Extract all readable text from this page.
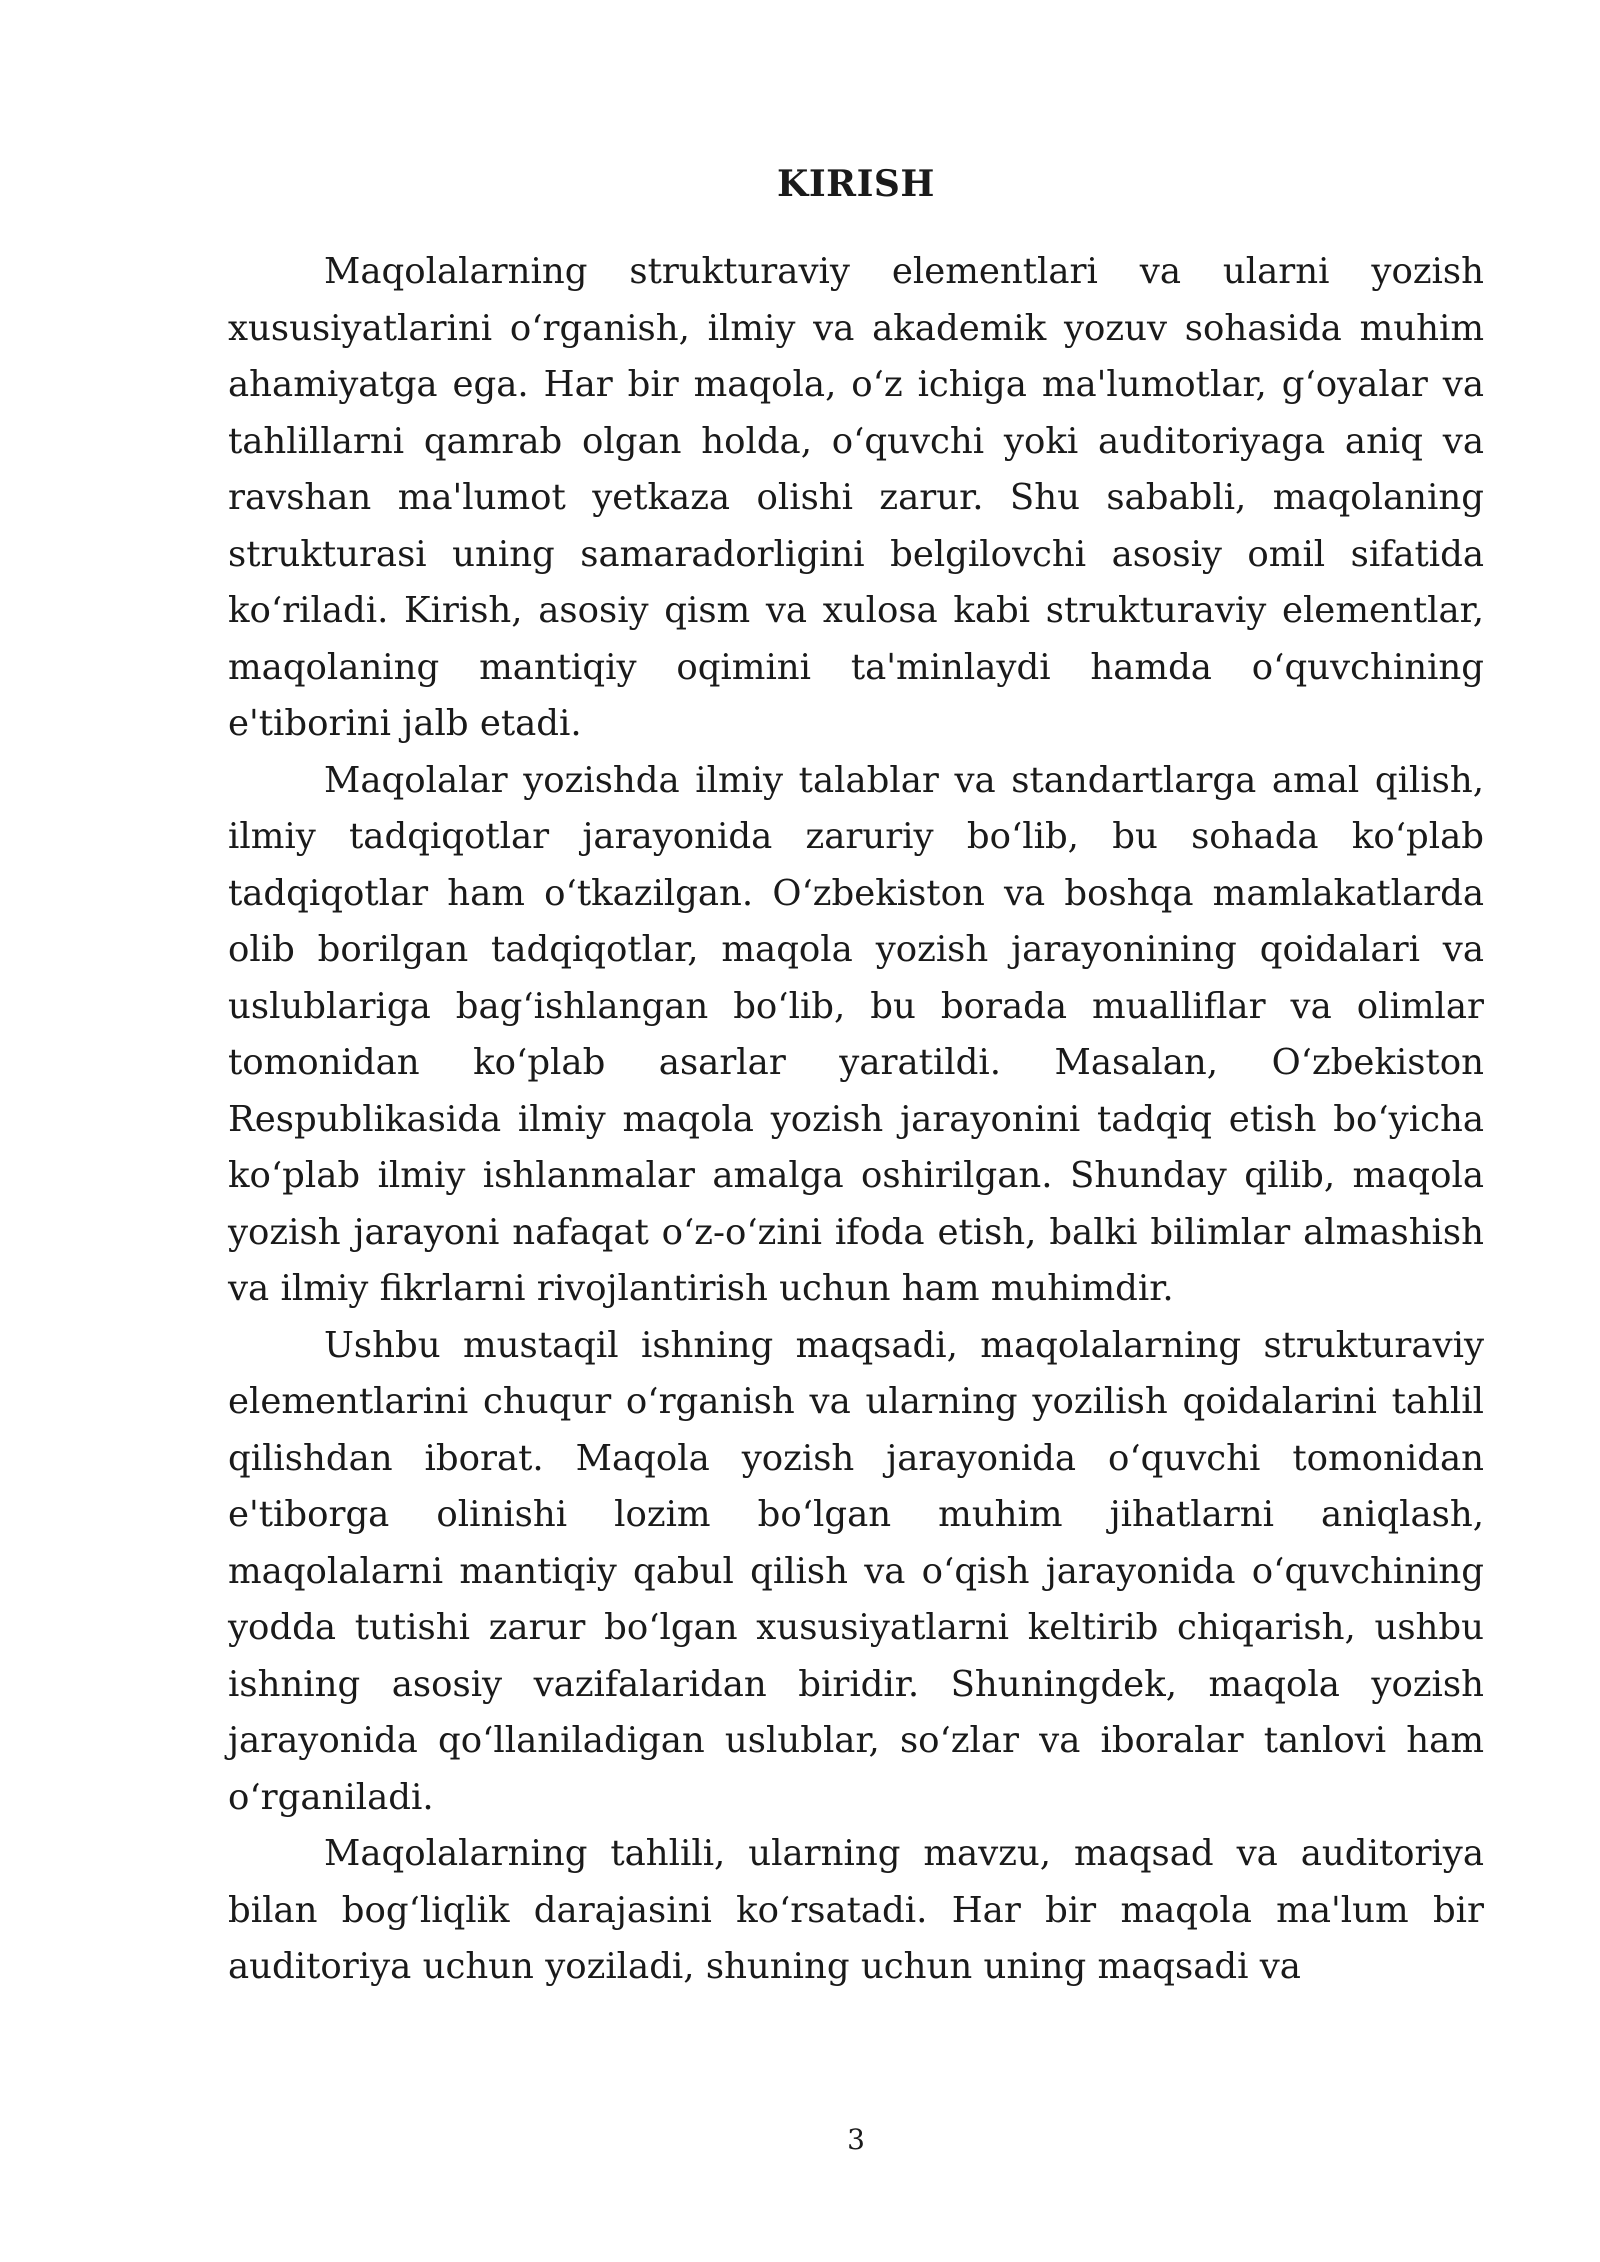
KIRISH

Maqolalarning strukturaviy elementlari va ularni yozish xususiyatlarini oʻrganish, ilmiy va akademik yozuv sohasida muhim ahamiyatga ega. Har bir maqola, oʻz ichiga ma'lumotlar, gʻoyalar va tahlillarni qamrab olgan holda, oʻquvchi yoki auditoriyaga aniq va ravshan ma'lumot yetkaza olishi zarur. Shu sababli, maqolaning strukturasi uning samaradorligini belgilovchi asosiy omil sifatida koʻriladi. Kirish, asosiy qism va xulosa kabi strukturaviy elementlar, maqolaning mantiqiy oqimini ta'minlaydi hamda oʻquvchining e'tiborini jalb etadi.

Maqolalar yozishda ilmiy talablar va standartlarga amal qilish, ilmiy tadqiqotlar jarayonida zaruriy boʻlib, bu sohada koʻplab tadqiqotlar ham oʻtkazilgan. Oʻzbekiston va boshqa mamlakatlarda olib borilgan tadqiqotlar, maqola yozish jarayonining qoidalari va uslublariga bagʻishlangan boʻlib, bu borada mualliflar va olimlar tomonidan koʻplab asarlar yaratildi. Masalan, Oʻzbekiston Respublikasida ilmiy maqola yozish jarayonini tadqiq etish boʻyicha koʻplab ilmiy ishlanmalar amalga oshirilgan. Shunday qilib, maqola yozish jarayoni nafaqat oʻz-oʻzini ifoda etish, balki bilimlar almashish va ilmiy fikrlarni rivojlantirish uchun ham muhimdir.

Ushbu mustaqil ishning maqsadi, maqolalarning strukturaviy elementlarini chuqur oʻrganish va ularning yozilish qoidalarini tahlil qilishdan iborat. Maqola yozish jarayonida oʻquvchi tomonidan e'tiborga olinishi lozim boʻlgan muhim jihatlarni aniqlash, maqolalarni mantiqiy qabul qilish va oʻqish jarayonida oʻquvchining yodda tutishi zarur boʻlgan xususiyatlarni keltirib chiqarish, ushbu ishning asosiy vazifalaridan biridir. Shuningdek, maqola yozish jarayonida qoʻllaniladigan uslublar, soʻzlar va iboralar tanlovi ham oʻrganiladi.

Maqolalarning tahlili, ularning mavzu, maqsad va auditoriya bilan bogʻliqlik darajasini koʻrsatadi. Har bir maqola ma'lum bir auditoriya uchun yoziladi, shuning uchun uning maqsadi va

3
